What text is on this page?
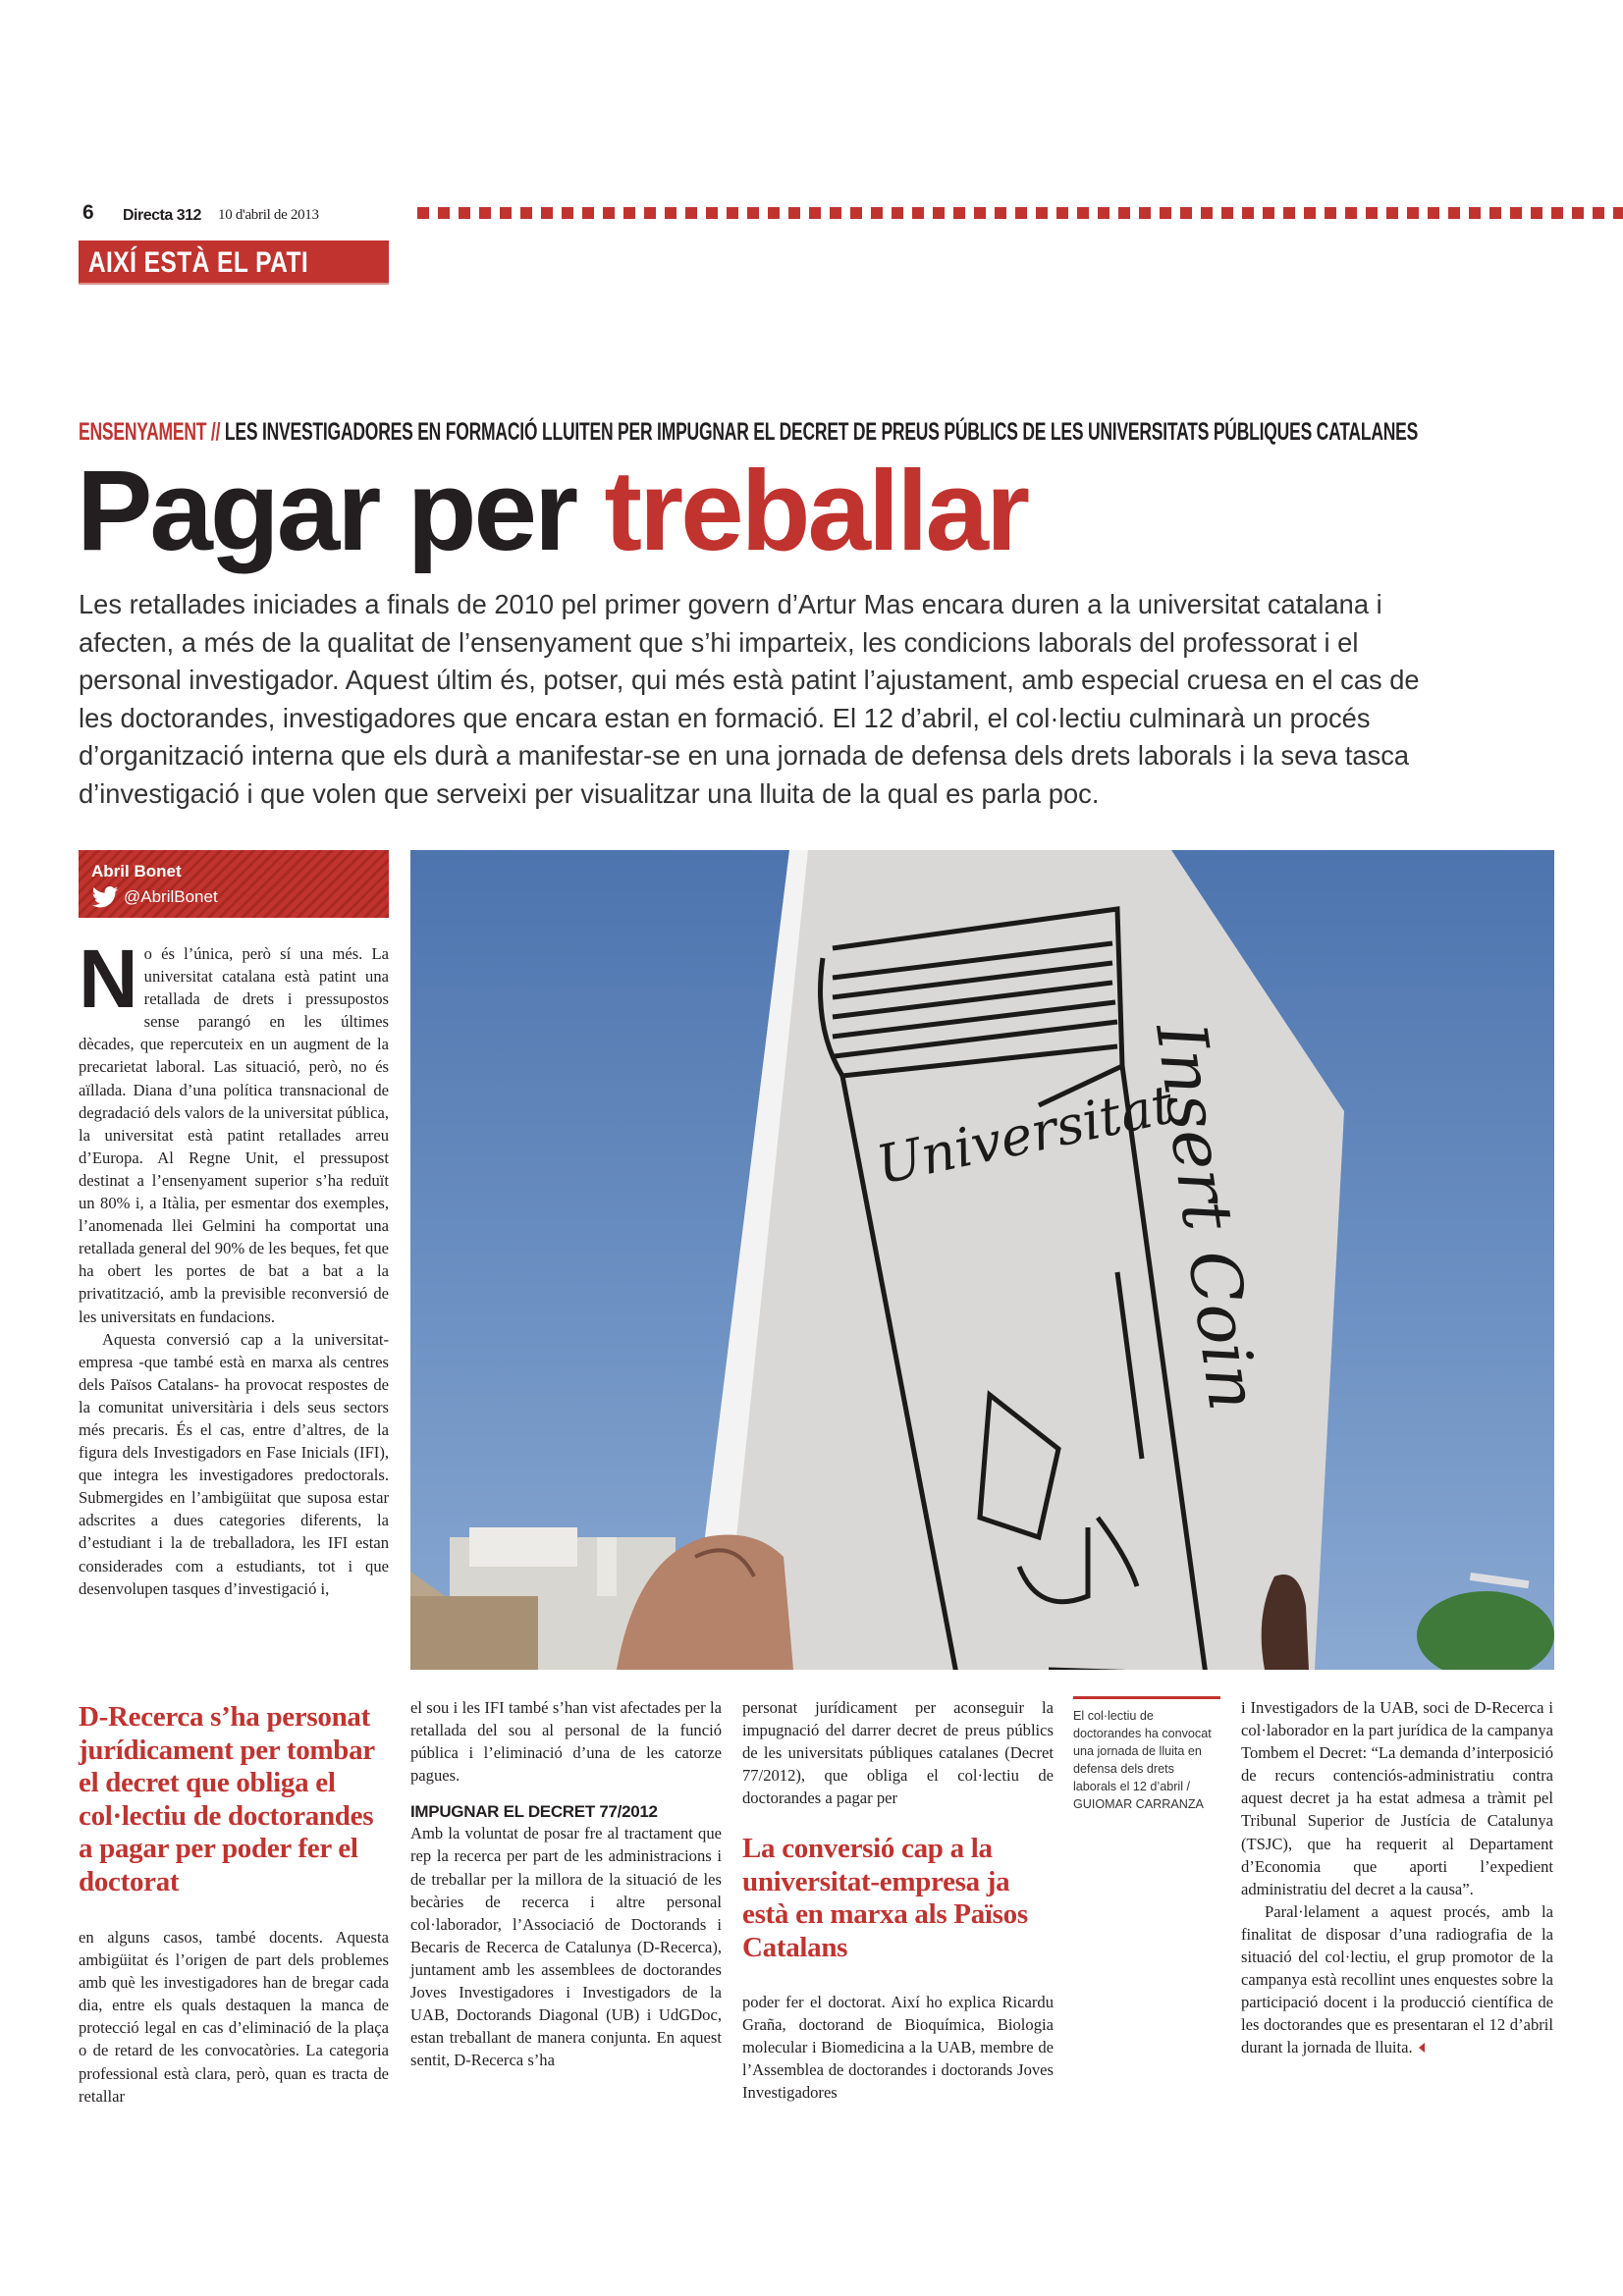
6 Directa 312 10 d'abril de 2013
AIXÍ ESTÀ EL PATI
ENSENYAMENT // LES INVESTIGADORES EN FORMACIÓ LLUITEN PER IMPUGNAR EL DECRET DE PREUS PÚBLICS DE LES UNIVERSITATS PÚBLIQUES CATALANES
Pagar per treballar
Les retallades iniciades a finals de 2010 pel primer govern d’Artur Mas encara duren a la universitat catalana i afecten, a més de la qualitat de l’ensenyament que s’hi imparteix, les condicions laborals del professorat i el personal investigador. Aquest últim és, potser, qui més està patint l’ajustament, amb especial cruesa en el cas de les doctorandes, investigadores que encara estan en formació. El 12 d’abril, el col·lectiu culminarà un procés d’organització interna que els durà a manifestar-se en una jornada de defensa dels drets laborals i la seva tasca d’investigació i que volen que serveixi per visualitzar una lluita de la qual es parla poc.
Abril Bonet
@AbrilBonet
N o és l’única, però sí una més. La universitat catalana està patint una retallada de drets i pressupostos sense parangó en les últimes dècades, que repercuteix en un augment de la precarietat laboral. Las situació, però, no és aïllada. Diana d’una política transnacional de degradació dels valors de la universitat pública, la universitat està patint retallades arreu d’Europa. Al Regne Unit, el pressupost destinat a l’ensenyament superior s’ha reduït un 80% i, a Itàlia, per esmentar dos exemples, l’anomenada llei Gelmini ha comportat una retallada general del 90% de les beques, fet que ha obert les portes de bat a bat a la privatització, amb la previsible reconversió de les universitats en fundacions.

Aquesta conversió cap a la universitat-empresa -que també està en marxa als centres dels Països Catalans- ha provocat respostes de la comunitat universitària i dels seus sectors més precaris. És el cas, entre d’altres, de la figura dels Investigadors en Fase Inicials (IFI), que integra les investigadores predoctorals. Submergides en l’ambigüitat que suposa estar adscrites a dues categories diferents, la d’estudiant i la de treballadora, les IFI estan considerades com a estudiants, tot i que desenvolupen tasques d’investigació i,

D-Recerca s’ha personat jurídicament per tombar el decret que obliga el col·lectiu de doctorandes a pagar per poder fer el doctorat

en alguns casos, també docents. Aquesta ambigüitat és l’origen de part dels problemes amb què les investigadores han de bregar cada dia, entre els quals destaquen la manca de protecció legal en cas d’eliminació de la plaça o de retard de les convocatòries. La categoria professional està clara, però, quan es tracta de retallar

Universitat
Insert Coin

el sou i les IFI també s’han vist afectades per la retallada del sou al personal de la funció pública i l’eliminació d’una de les catorze pagues.

IMPUGNAR EL DECRET 77/2012

Amb la voluntat de posar fre al tractament que rep la recerca per part de les administracions i de treballar per la millora de la situació de les becàries de recerca i altre personal col·laborador, l’Associació de Doctorands i Becaris de Recerca de Catalunya (D-Recerca), juntament amb les assemblees de doctorandes Joves Investigadores i Investigadors de la UAB, Doctorands Diagonal (UB) i UdGDoc, estan treballant de manera conjunta. En aquest sentit, D-Recerca s’ha

personat jurídicament per aconseguir la impugnació del darrer decret de preus públics de les universitats públiques catalanes (Decret 77/2012), que obliga el col·lectiu de doctorandes a pagar per

La conversió cap a la universitat-empresa ja està en marxa als Països Catalans

poder fer el doctorat. Així ho explica Ricardu Graña, doctorand de Bioquímica, Biologia molecular i Biomedicina a la UAB, membre de l’Assemblea de doctorandes i doctorands Joves Investigadores

El col·lectiu de doctorandes ha convocat una jornada de lluita en defensa dels drets laborals el 12 d’abril / GUIOMAR CARRANZA

i Investigadors de la UAB, soci de D-Recerca i col·laborador en la part jurídica de la campanya Tombem el Decret: “La demanda d’interposició de recurs contenciós-administratiu contra aquest decret ja ha estat admesa a tràmit pel Tribunal Superior de Justícia de Catalunya (TSJC), que ha requerit al Departament d’Economia que aporti l’expedient administratiu del decret a la causa”.

Paral·lelament a aquest procés, amb la finalitat de disposar d’una radiografia de la situació del col·lectiu, el grup promotor de la campanya està recollint unes enquestes sobre la participació docent i la producció científica de les doctorandes que es presentaran el 12 d’abril durant la jornada de lluita.
